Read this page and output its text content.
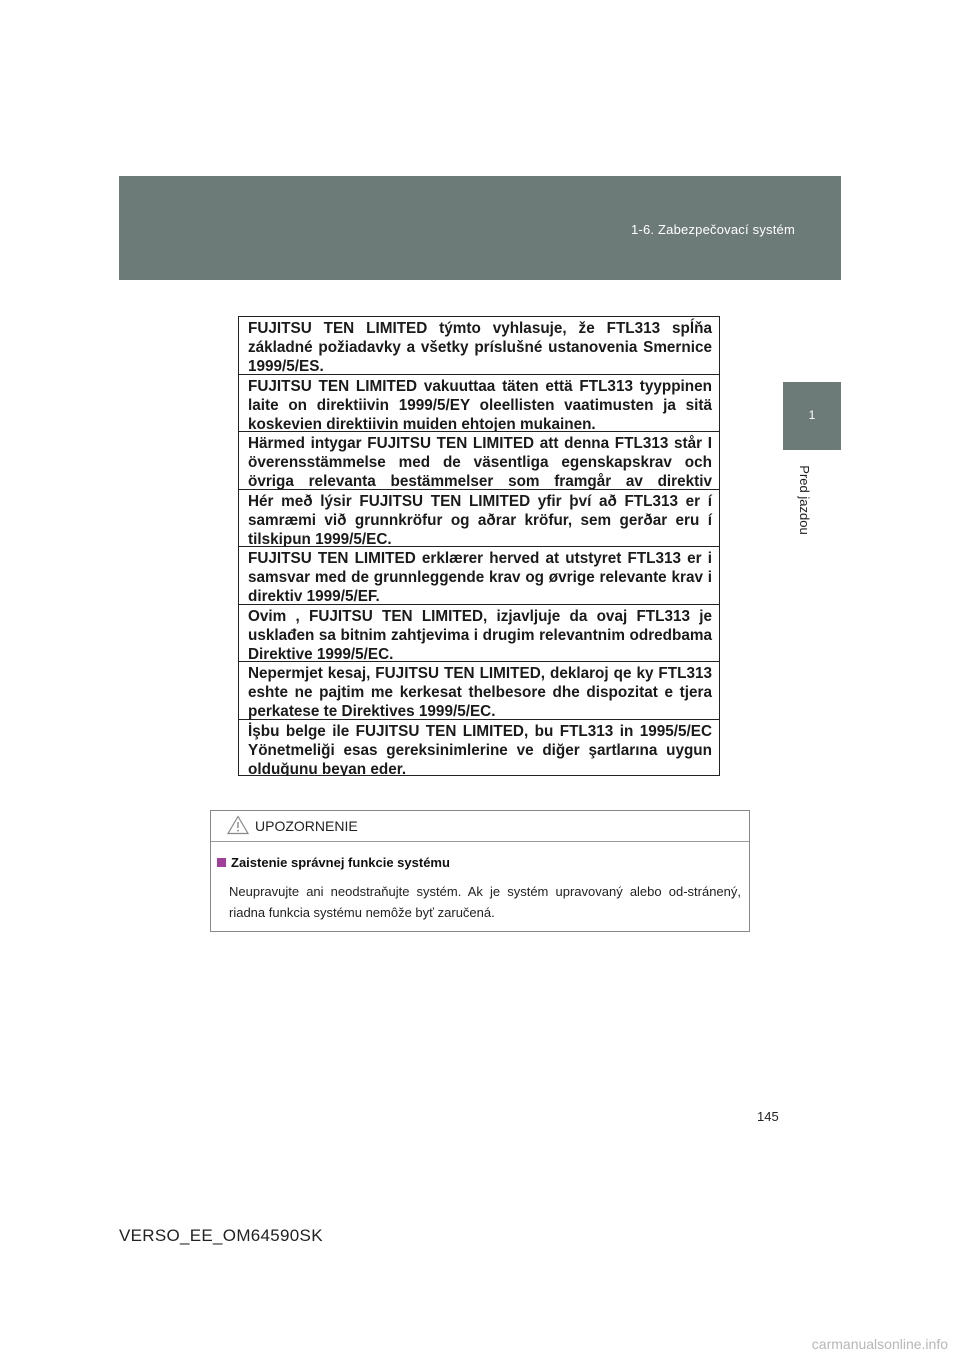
1-6. Zabezpečovací systém
1
Pred jazdou
FUJITSU TEN LIMITED týmto vyhlasuje, že FTL313 spĺňa základné požiadavky a všetky príslušné ustanovenia Smernice 1999/5/ES.
FUJITSU TEN LIMITED vakuuttaa täten että FTL313 tyyppinen laite on direktiivin 1999/5/EY oleellisten vaatimusten ja sitä koskevien direktiivin muiden ehtojen mukainen.
Härmed intygar FUJITSU TEN LIMITED att denna FTL313 står I överensstämmelse med de väsentliga egenskapskrav och övriga relevanta bestämmelser som framgår av direktiv
Hér með lýsir FUJITSU TEN LIMITED yfir því að FTL313 er í samræmi við grunnkröfur og aðrar kröfur, sem gerðar eru í tilskipun 1999/5/EC.
FUJITSU TEN LIMITED erklærer herved at utstyret FTL313 er i samsvar med de grunnleggende krav og øvrige relevante krav i direktiv 1999/5/EF.
Ovim , FUJITSU TEN LIMITED, izjavljuje da ovaj FTL313 je usklađen sa bitnim zahtjevima i drugim relevantnim odredbama Direktive 1999/5/EC.
Nepermjet kesaj, FUJITSU TEN LIMITED, deklaroj qe ky FTL313 eshte ne pajtim me kerkesat thelbesore dhe dispozitat e tjera perkatese te Direktives 1999/5/EC.
İşbu belge ile FUJITSU TEN LIMITED, bu FTL313 in 1995/5/EC Yönetmeliği esas gereksinimlerine ve diğer şartlarına uygun olduğunu beyan eder.
UPOZORNENIE
Zaistenie správnej funkcie systému
Neupravujte ani neodstraňujte systém. Ak je systém upravovaný alebo od-stránený, riadna funkcia systému nemôže byť zaručená.
145
VERSO_EE_OM64590SK
carmanualsonline.info
